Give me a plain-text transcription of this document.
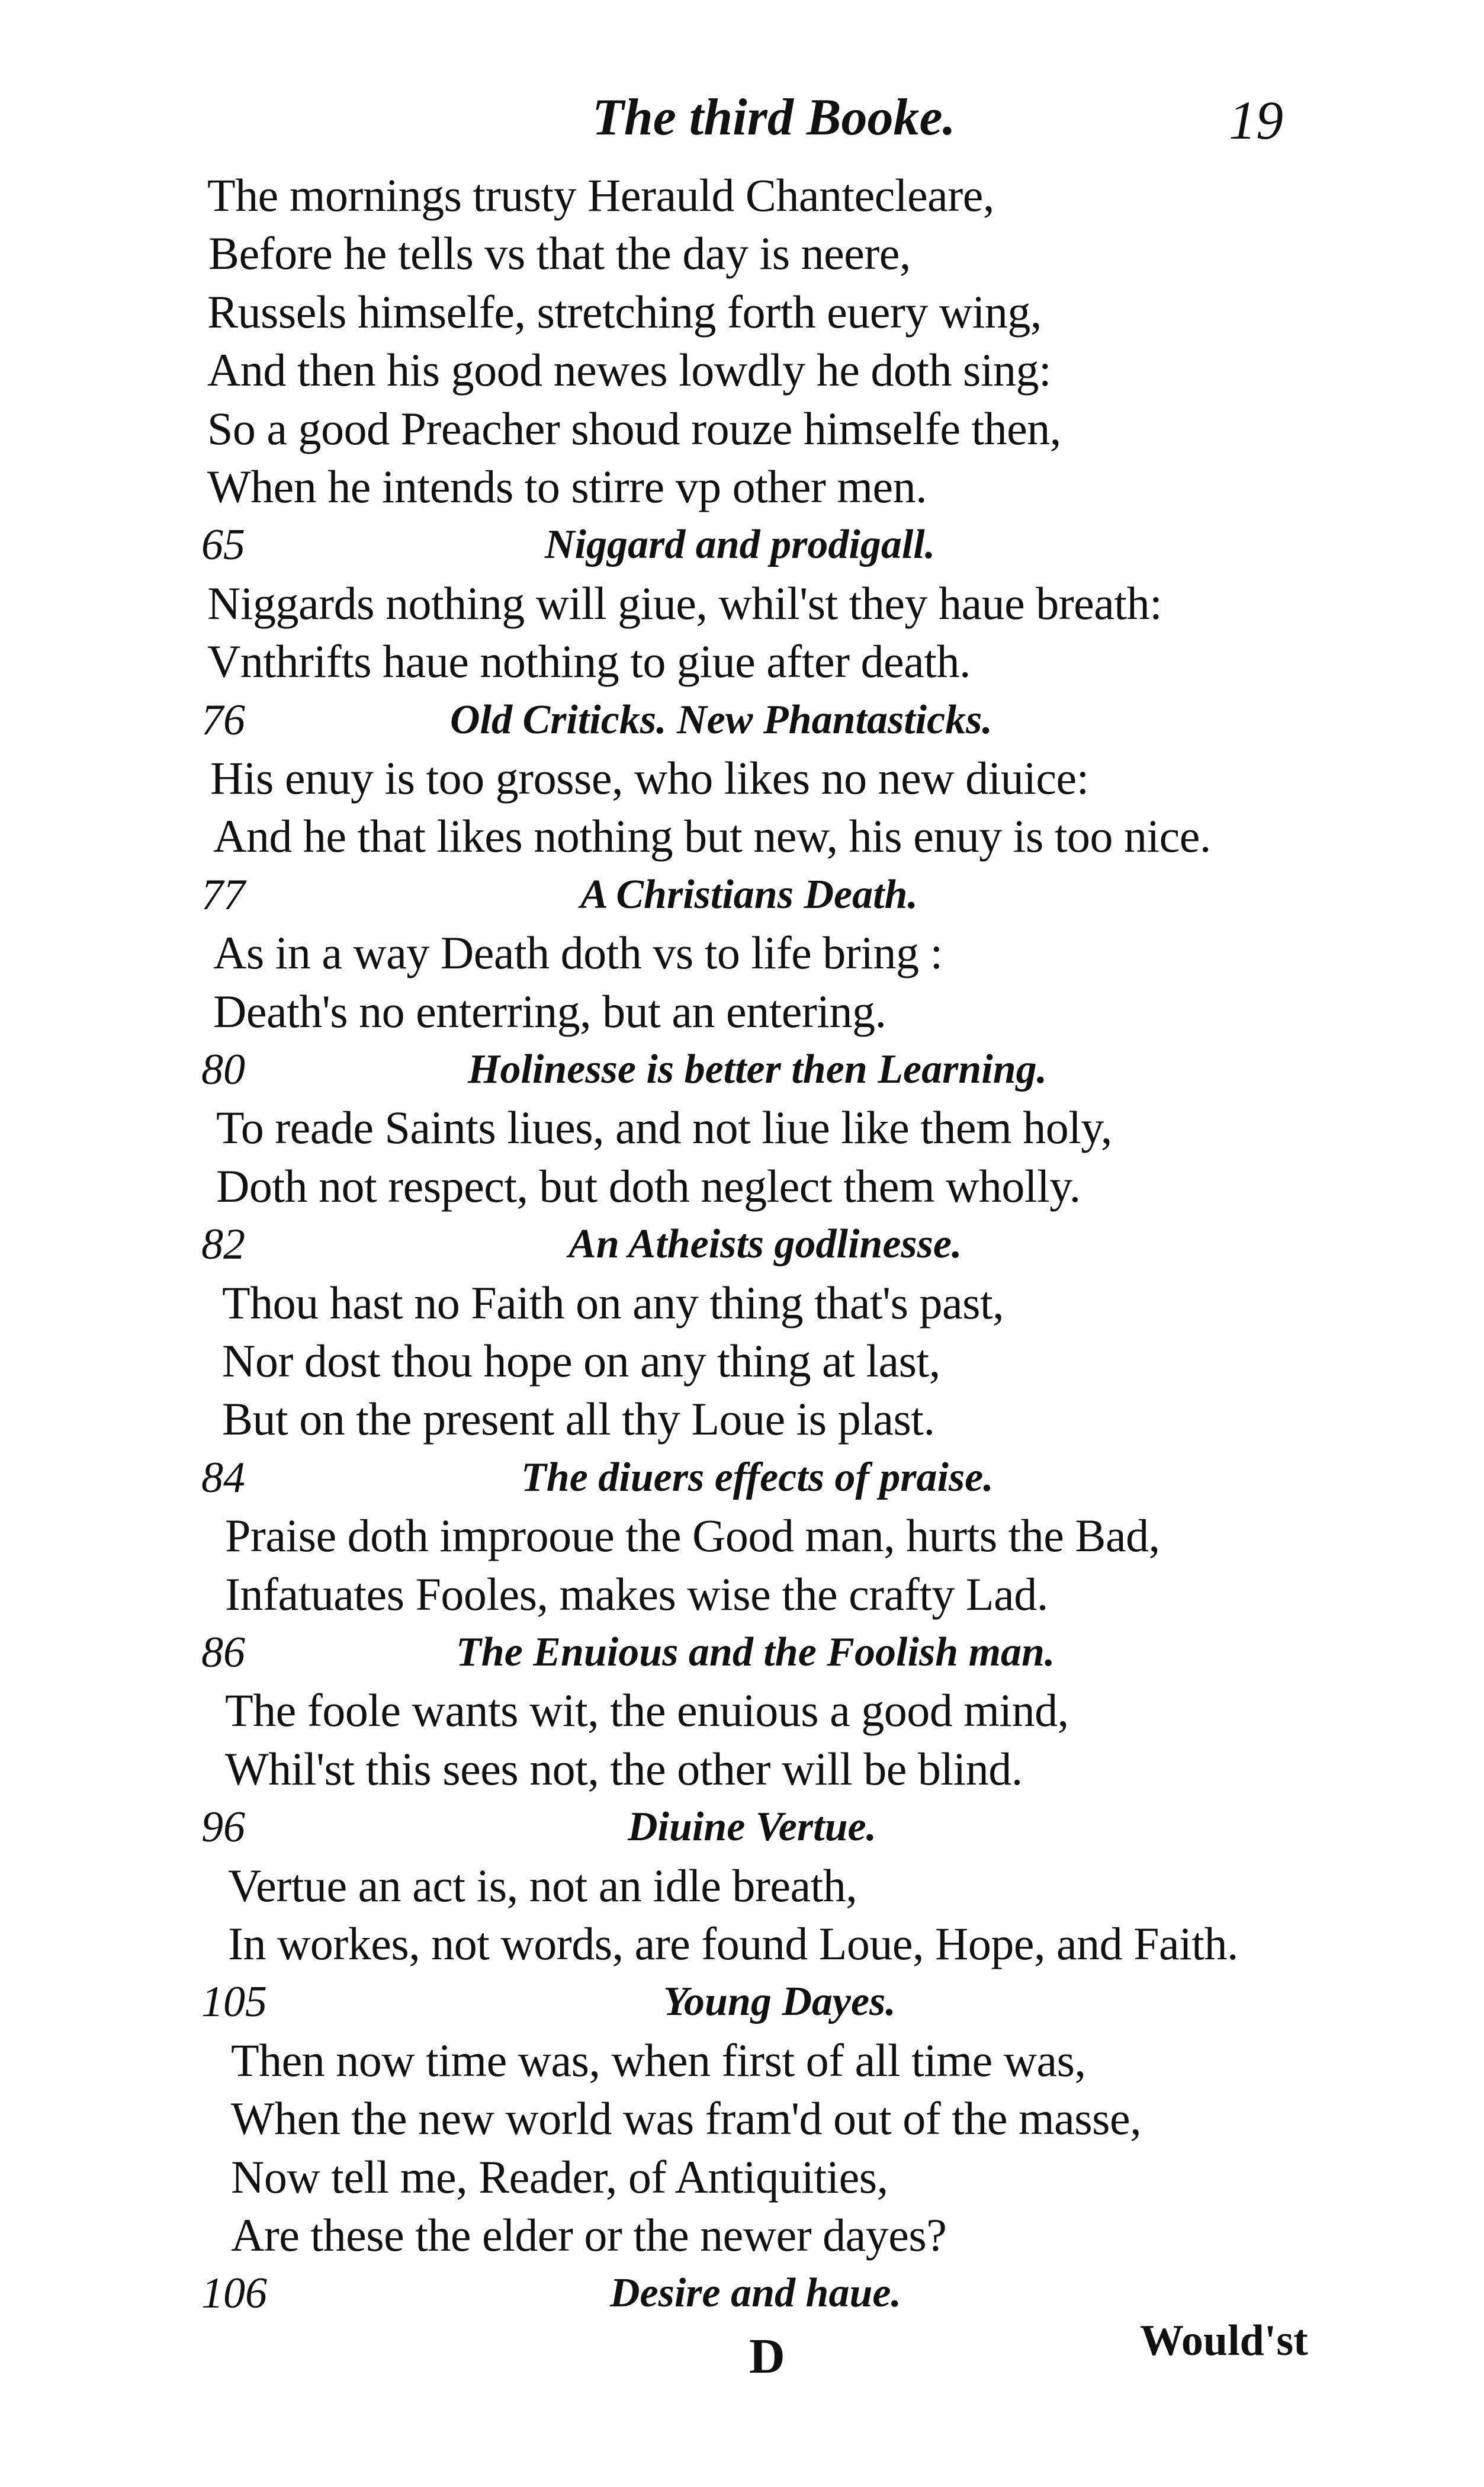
The third Booke.	19
The mornings trusty Herauld Chantecleare,
Before he tells vs that the day is neere,
Russels himselfe, stretching forth euery wing,
And then his good newes lowdly he doth sing:
So a good Preacher shoud rouze himselfe then,
When he intends to stirre vp other men.
65	Niggard and prodigall.
Niggards nothing will giue, whil'st they haue breath:
Vnthrifts haue nothing to giue after death.
76	Old Criticks. New Phantasticks.
His enuy is too grosse, who likes no new diuice:
And he that likes nothing but new, his enuy is too nice.
77	A Christians Death.
As in a way Death doth vs to life bring :
Death's no enterring, but an entering.
80	Holinesse is better then Learning.
To reade Saints liues, and not liue like them holy,
Doth not respect, but doth neglect them wholly.
82	An Atheists godlinesse.
Thou hast no Faith on any thing that's past,
Nor dost thou hope on any thing at last,
But on the present all thy Loue is plast.
84	The diuers effects of praise.
Praise doth improoue the Good man, hurts the Bad,
Infatuates Fooles, makes wise the crafty Lad.
86	The Enuious and the Foolish man.
The foole wants wit, the enuious a good mind,
Whil'st this sees not, the other will be blind.
96	Diuine Vertue.
Vertue an act is, not an idle breath,
In workes, not words, are found Loue, Hope, and Faith.
105	Young Dayes.
Then now time was, when first of all time was,
When the new world was fram'd out of the masse,
Now tell me, Reader, of Antiquities,
Are these the elder or the newer dayes?
106	Desire and haue.
D	Would'st
